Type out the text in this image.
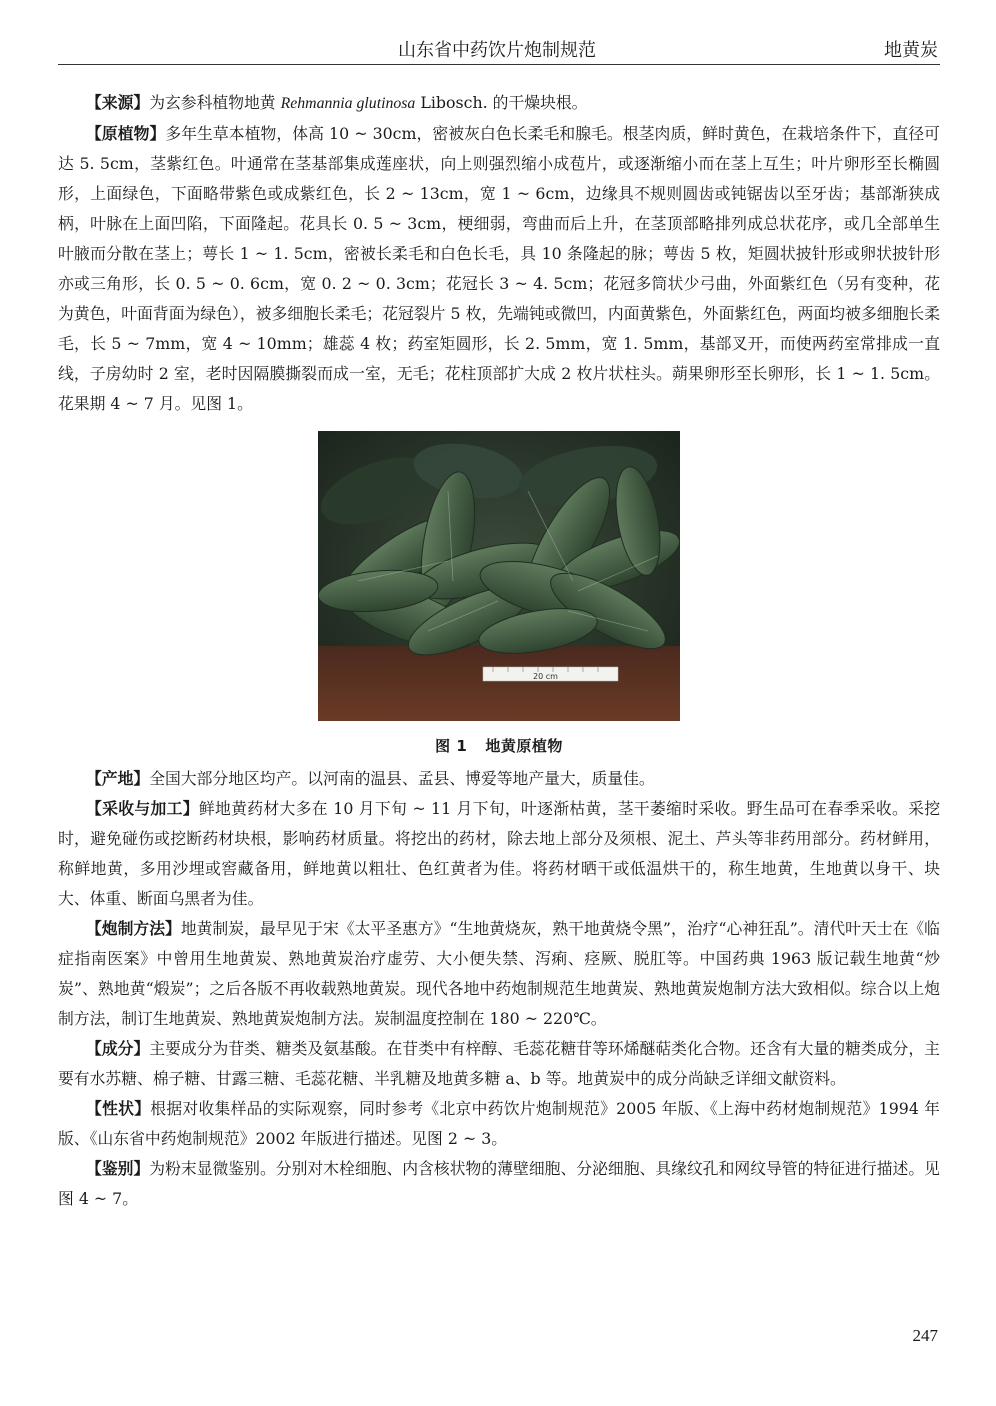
山东省中药饮片炮制规范	地黄炭

【来源】为玄参科植物地黄 Rehmannia glutinosa Libosch. 的干燥块根。

【原植物】多年生草本植物，体高 10 ~ 30cm，密被灰白色长柔毛和腺毛。根茎肉质，鲜时黄色，在栽培条件下，直径可达 5. 5cm，茎紫红色。叶通常在茎基部集成莲座状，向上则强烈缩小成苞片，或逐渐缩小而在茎上互生；叶片卵形至长椭圆形，上面绿色，下面略带紫色或成紫红色，长 2 ~ 13cm，宽 1 ~ 6cm，边缘具不规则圆齿或钝锯齿以至牙齿；基部渐狭成柄，叶脉在上面凹陷，下面隆起。花具长 0. 5 ~ 3cm，梗细弱，弯曲而后上升，在茎顶部略排列成总状花序，或几全部单生叶腋而分散在茎上；萼长 1 ~ 1. 5cm，密被长柔毛和白色长毛，具 10 条隆起的脉；萼齿 5 枚，矩圆状披针形或卵状披针形亦或三角形，长 0. 5 ~ 0. 6cm，宽 0. 2 ~ 0. 3cm；花冠长 3 ~ 4. 5cm；花冠多筒状少弓曲，外面紫红色（另有变种，花为黄色，叶面背面为绿色），被多细胞长柔毛；花冠裂片 5 枚，先端钝或微凹，内面黄紫色，外面紫红色，两面均被多细胞长柔毛，长 5 ~ 7mm，宽 4 ~ 10mm；雄蕊 4 枚；药室矩圆形，长 2. 5mm，宽 1. 5mm，基部叉开，而使两药室常排成一直线，子房幼时 2 室，老时因隔膜撕裂而成一室，无毛；花柱顶部扩大成 2 枚片状柱头。蒴果卵形至长卵形，长 1 ~ 1. 5cm。花果期 4 ~ 7 月。见图 1。

20 cm
图 1 地黄原植物

【产地】全国大部分地区均产。以河南的温县、孟县、博爱等地产量大，质量佳。

【采收与加工】鲜地黄药材大多在 10 月下旬 ~ 11 月下旬，叶逐渐枯黄，茎干萎缩时采收。野生品可在春季采收。采挖时，避免碰伤或挖断药材块根，影响药材质量。将挖出的药材，除去地上部分及须根、泥土、芦头等非药用部分。药材鲜用，称鲜地黄，多用沙埋或窖藏备用，鲜地黄以粗壮、色红黄者为佳。将药材晒干或低温烘干的，称生地黄，生地黄以身干、块大、体重、断面乌黑者为佳。

【炮制方法】地黄制炭，最早见于宋《太平圣惠方》“生地黄烧灰，熟干地黄烧令黑”，治疗“心神狂乱”。清代叶天士在《临症指南医案》中曾用生地黄炭、熟地黄炭治疗虚劳、大小便失禁、泻痢、痉厥、脱肛等。中国药典 1963 版记载生地黄“炒炭”、熟地黄“煅炭”；之后各版不再收载熟地黄炭。现代各地中药炮制规范生地黄炭、熟地黄炭炮制方法大致相似。综合以上炮制方法，制订生地黄炭、熟地黄炭炮制方法。炭制温度控制在 180 ~ 220℃。

【成分】主要成分为苷类、糖类及氨基酸。在苷类中有梓醇、毛蕊花糖苷等环烯醚萜类化合物。还含有大量的糖类成分，主要有水苏糖、棉子糖、甘露三糖、毛蕊花糖、半乳糖及地黄多糖 a、b 等。地黄炭中的成分尚缺乏详细文献资料。

【性状】根据对收集样品的实际观察，同时参考《北京中药饮片炮制规范》2005 年版、《上海中药材炮制规范》1994 年版、《山东省中药炮制规范》2002 年版进行描述。见图 2 ~ 3。

【鉴别】为粉末显微鉴别。分别对木栓细胞、内含核状物的薄壁细胞、分泌细胞、具缘纹孔和网纹导管的特征进行描述。见图 4 ~ 7。

247
